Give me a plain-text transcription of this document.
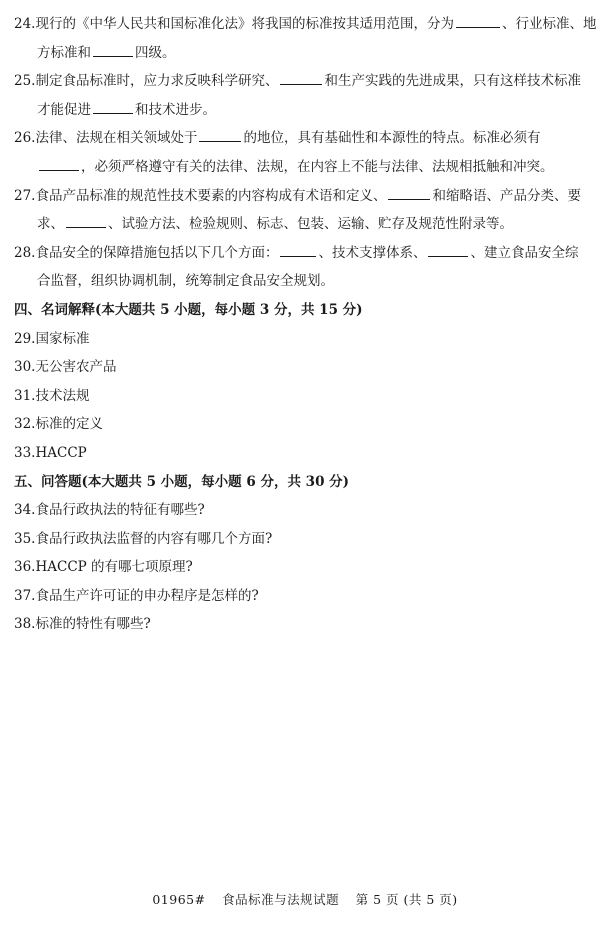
24.现行的《中华人民共和国标准化法》将我国的标准按其适用范围，分为	、行业标准、地
方标准和	四级。
25.制定食品标准时，应力求反映科学研究、	和生产实践的先进成果，只有这样技术标准
才能促进	和技术进步。
26.法律、法规在相关领域处于	的地位，具有基础性和本源性的特点。标准必须有
，必须严格遵守有关的法律、法规，在内容上不能与法律、法规相抵触和冲突。
27.食品产品标准的规范性技术要素的内容构成有术语和定义、	和缩略语、产品分类、要
求、	、试验方法、检验规则、标志、包装、运输、贮存及规范性附录等。
28.食品安全的保障措施包括以下几个方面：	、技术支撑体系、	、建立食品安全综
合监督，组织协调机制，统筹制定食品安全规划。
四、名词解释(本大题共 5 小题，每小题 3 分，共 15 分)
29.国家标准
30.无公害农产品
31.技术法规
32.标准的定义
33.HACCP
五、问答题(本大题共 5 小题，每小题 6 分，共 30 分)
34.食品行政执法的特征有哪些?
35.食品行政执法监督的内容有哪几个方面?
36.HACCP 的有哪七项原理?
37.食品生产许可证的申办程序是怎样的?
38.标准的特性有哪些?
01965# 食品标准与法规试题 第 5 页 (共 5 页)
